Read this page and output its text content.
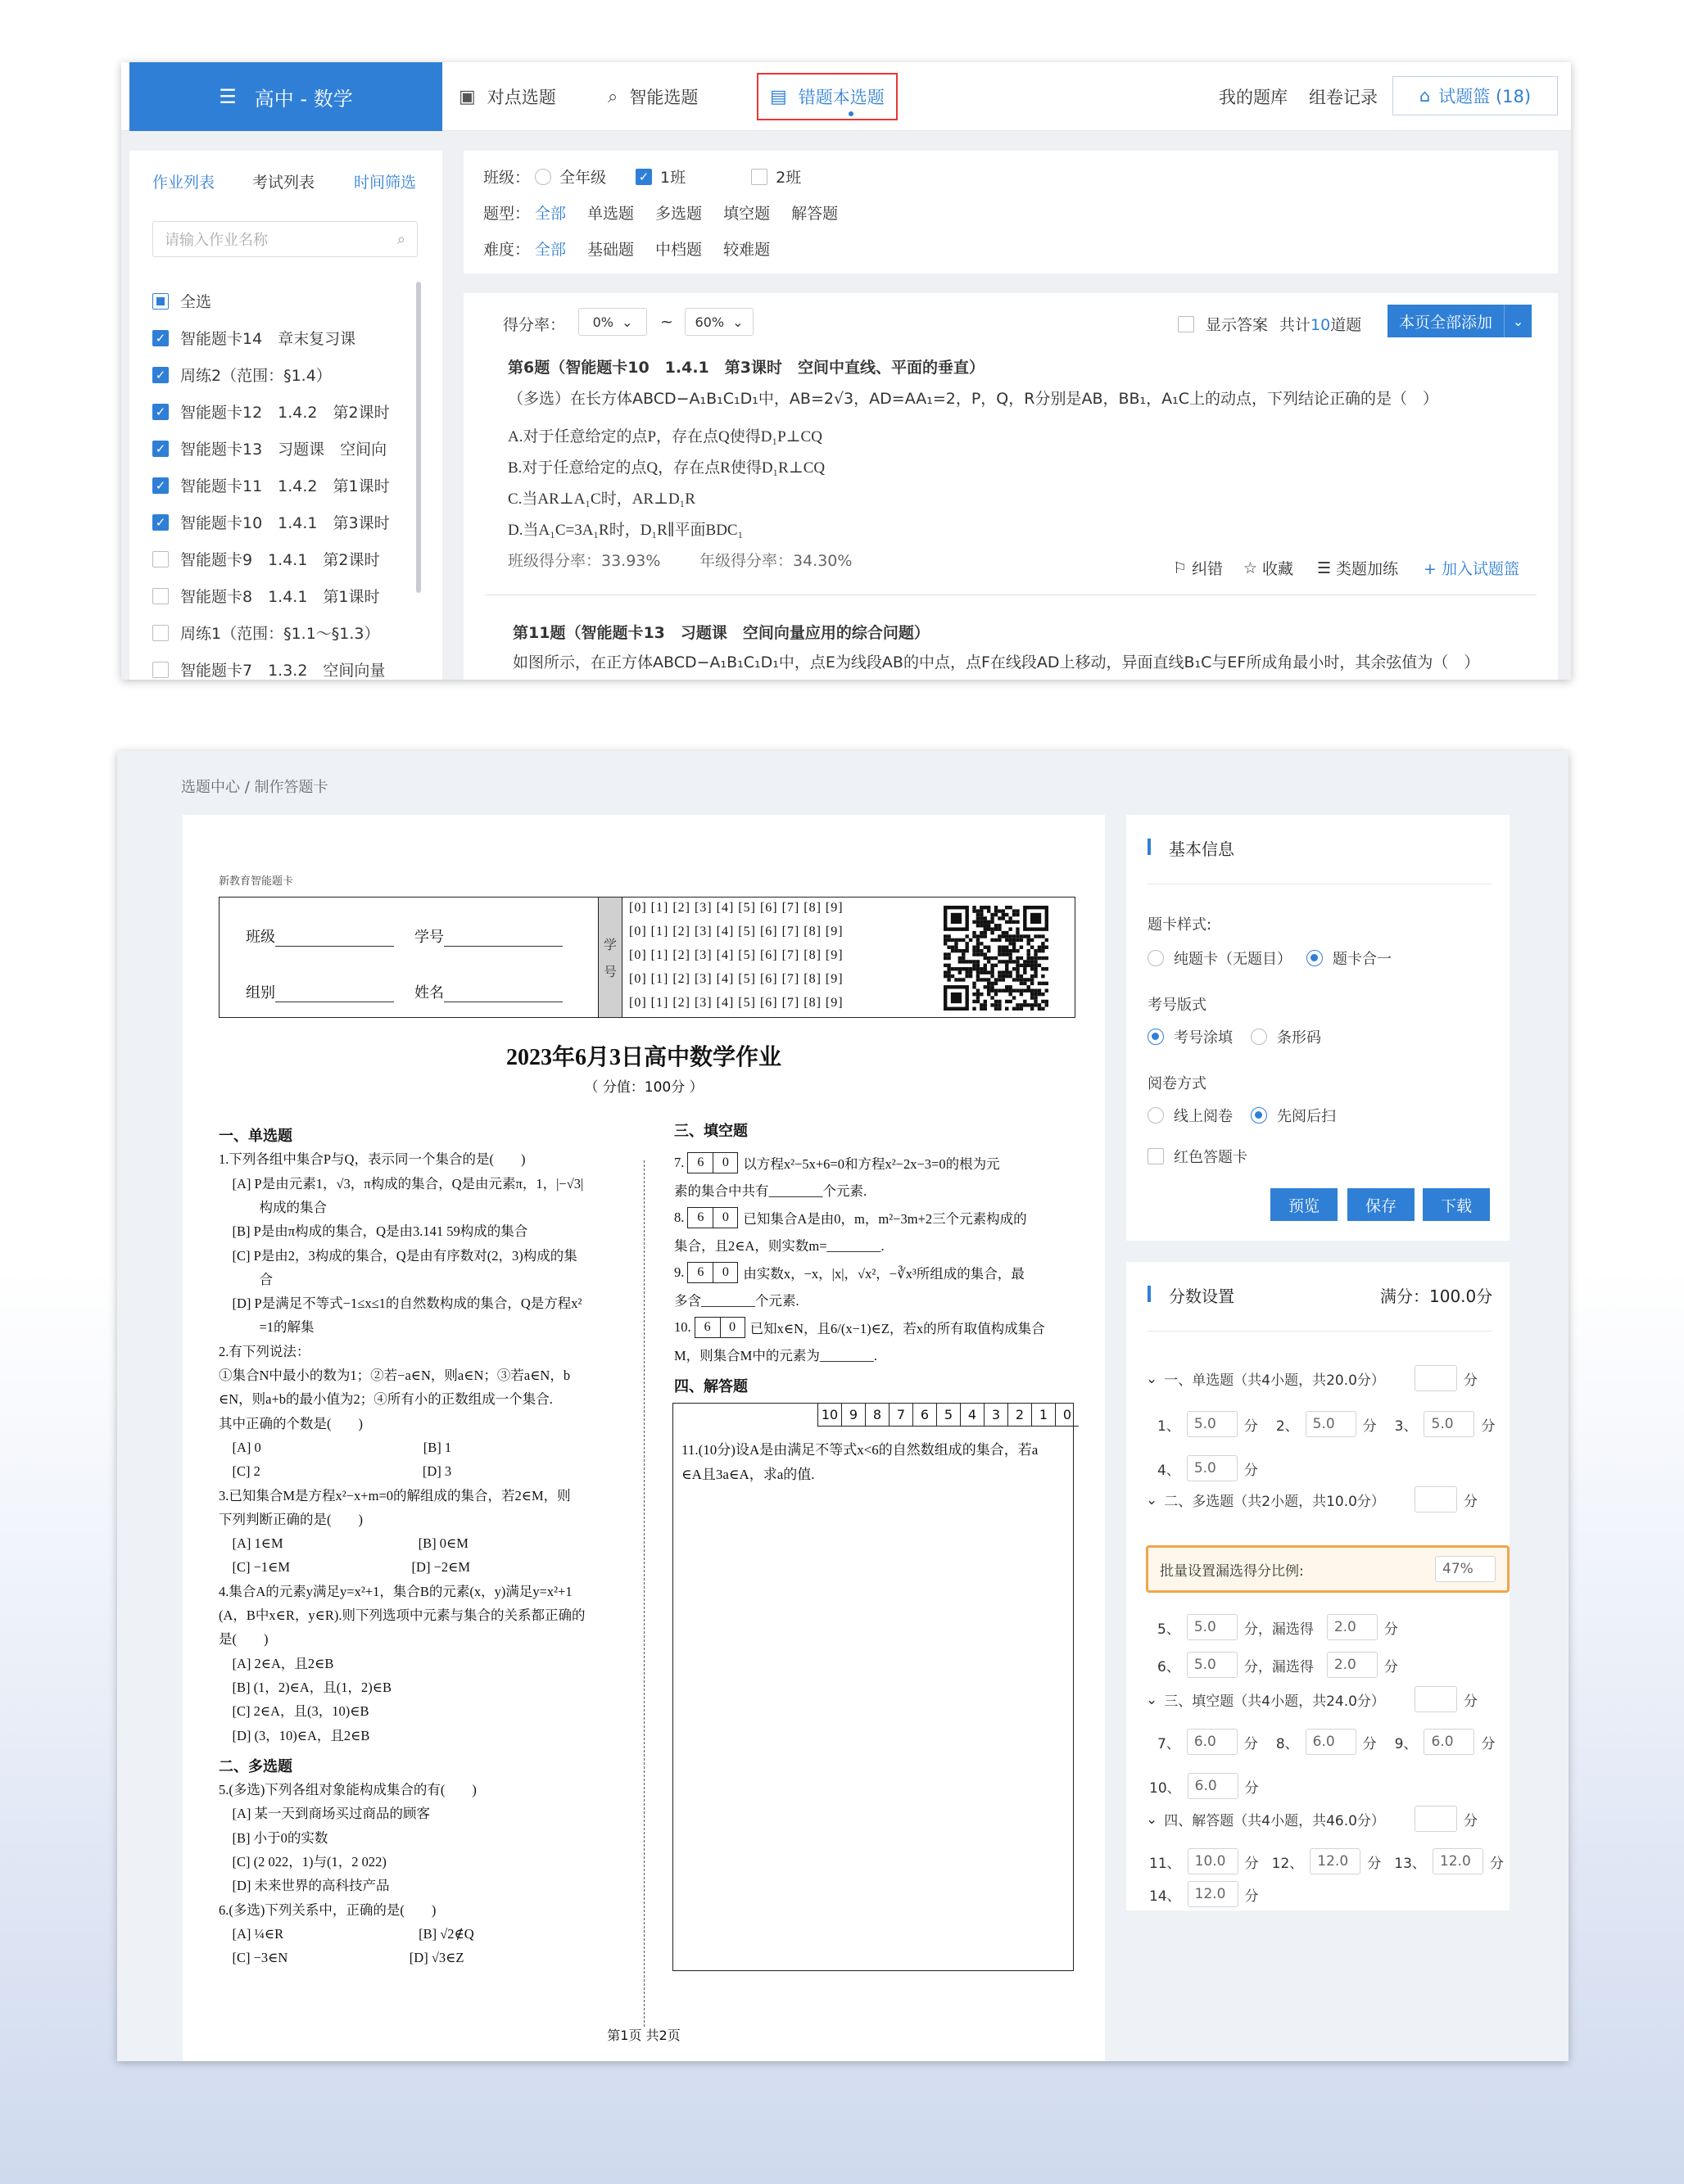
☰ 高中 - 数学	▣ 对点选题	⌕ 智能选题	▤ 错题本选题	我的题库 组卷记录 ⌂ 试题篮 (18)
作业列表 考试列表	时间筛选
请输入作业名称	⌕
全选
✓ 智能题卡14　章末复习课
✓ 周练2（范围：§1.4）
✓ 智能题卡12　1.4.2　第2课时
✓ 智能题卡13　习题课　空间向
✓ 智能题卡11　1.4.2　第1课时
✓ 智能题卡10　1.4.1　第3课时
智能题卡9　1.4.1　第2课时
智能题卡8　1.4.1　第1课时
周练1（范围：§1.1～§1.3）
智能题卡7　1.3.2　空间向量
班级： 全年级	✓ 1班	2班
题型： 全部 单选题 多选题 填空题 解答题
难度： 全部 基础题 中档题 较难题
得分率： 0% ⌄ ~ 60% ⌄	显示答案 共计10道题	本页全部添加	⌄
第6题（智能题卡10　1.4.1　第3课时　空间中直线、平面的垂直）
（多选）在长方体ABCD−A₁B₁C₁D₁中，AB=2√3，AD=AA₁=2，P，Q，R分别是AB，BB₁，A₁C上的动点，下列结论正确的是（　）
A.对于任意给定的点P，存在点Q使得D₁P⊥CQ
B.对于任意给定的点Q，存在点R使得D₁R⊥CQ
C.当AR⊥A₁C时，AR⊥D₁R
D.当A₁C=3A₁R时，D₁R∥平面BDC₁
班级得分率：33.93%	年级得分率：34.30%	⚐ 纠错 ☆ 收藏 ☰ 类题加练 + 加入试题篮
第11题（智能题卡13　习题课　空间向量应用的综合问题）
如图所示，在正方体ABCD−A₁B₁C₁D₁中，点E为线段AB的中点，点F在线段AD上移动，异面直线B₁C与EF所成角最小时，其余弦值为（　）
选题中心 / 制作答题卡
新教育智能题卡
班级	学号
组别	姓名
学
号
[0] [1] [2] [3] [4] [5] [6] [7] [8] [9]
[0] [1] [2] [3] [4] [5] [6] [7] [8] [9]
[0] [1] [2] [3] [4] [5] [6] [7] [8] [9]
[0] [1] [2] [3] [4] [5] [6] [7] [8] [9]
[0] [1] [2] [3] [4] [5] [6] [7] [8] [9]
2023年6月3日高中数学作业
（ 分值：100分 ）
一、单选题
1.下列各组中集合P与Q，表示同一个集合的是(　　)
　[A] P是由元素1，√3，π构成的集合，Q是由元素π，1，|−√3|
　　　构成的集合
　[B] P是由π构成的集合，Q是由3.141 59构成的集合
　[C] P是由2，3构成的集合，Q是由有序数对(2，3)构成的集
　　　合
　[D] P是满足不等式−1≤x≤1的自然数构成的集合，Q是方程x²
　　　=1的解集
2.有下列说法：
①集合N中最小的数为1；②若−a∈N，则a∈N；③若a∈N，b
∈N，则a+b的最小值为2；④所有小的正数组成一个集合.
其中正确的个数是(　　)
　[A] 0　　　　　　　　　　　　[B] 1
　[C] 2　　　　　　　　　　　　[D] 3
3.已知集合M是方程x²−x+m=0的解组成的集合，若2∈M，则
下列判断正确的是(　　)
　[A] 1∈M　　　　　　　　　　[B] 0∈M
　[C] −1∈M　　　　　　　　　[D] −2∈M
4.集合A的元素y满足y=x²+1，集合B的元素(x，y)满足y=x²+1
(A，B中x∈R，y∈R).则下列选项中元素与集合的关系都正确的
是(　　)
　[A] 2∈A，且2∈B
　[B] (1，2)∈A，且(1，2)∈B
　[C] 2∈A，且(3，10)∈B
　[D] (3，10)∈A，且2∈B
二、多选题
5.(多选)下列各组对象能构成集合的有(　　)
　[A] 某一天到商场买过商品的顾客
　[B] 小于0的实数
　[C] (2 022，1)与(1，2 022)
　[D] 未来世界的高科技产品
6.(多选)下列关系中，正确的是(　　)
　[A] ¼∈R　　　　　　　　　　[B] √2∉Q
　[C] −3∈N　　　　　　　　　[D] √3∈Z
三、填空题
7.	6	0	以方程x²−5x+6=0和方程x²−2x−3=0的根为元
素的集合中共有________个元素.
8.	6	0	已知集合A是由0，m，m²−3m+2三个元素构成的
集合，且2∈A，则实数m=________.
9.	6	0	由实数x，−x，|x|，√x²，−∛x³所组成的集合，最
多含________个元素.
10.	6	0	已知x∈N，且6/(x−1)∈Z，若x的所有取值构成集合
M，则集合M中的元素为________.
四、解答题
10 9	8	7	6	5	4	3	2	1	0
11.(10分)设A是由满足不等式x<6的自然数组成的集合，若a
∈A且3a∈A，求a的值.
第1页 共2页
基本信息
题卡样式:
纯题卡（无题目）	题卡合一
考号版式
考号涂填	条形码
阅卷方式
线上阅卷	先阅后扫
红色答题卡
预览	保存	下载
分数设置	满分：100.0分
⌄ 一、单选题（共4小题，共20.0分）	分
1、	5.0	分 2、	5.0	分 3、	5.0	分
4、	5.0	分
⌄ 二、多选题（共2小题，共10.0分）	分
批量设置漏选得分比例:	47%
5、	5.0	分，漏选得	2.0	分
6、	5.0	分，漏选得	2.0	分
⌄ 三、填空题（共4小题，共24.0分）	分
7、	6.0	分 8、	6.0	分 9、	6.0	分
10、	6.0	分
⌄ 四、解答题（共4小题，共46.0分）	分
11、	10.0	分 12、	12.0	分 13、	12.0	分
14、	12.0	分
